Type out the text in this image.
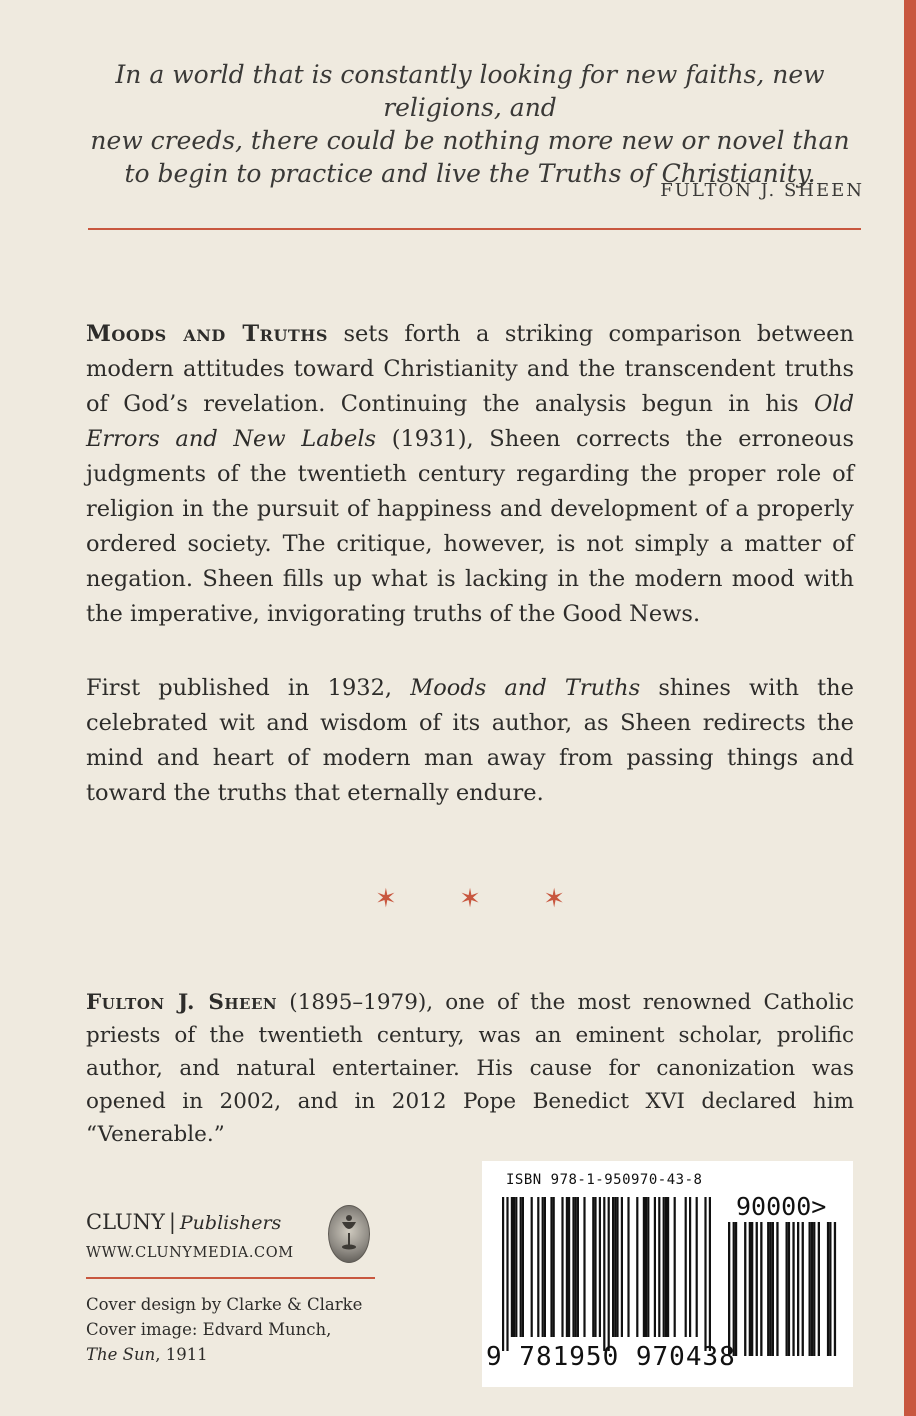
In a world that is constantly looking for new faiths, new religions, and
new creeds, there could be nothing more new or novel than
to begin to practice and live the Truths of Christianity.
FULTON J. SHEEN
Moods and Truths sets forth a striking comparison between modern attitudes toward Christianity and the transcendent truths of God’s revelation. Continuing the analysis begun in his Old Errors and New Labels (1931), Sheen corrects the erroneous judgments of the twentieth century regarding the proper role of religion in the pursuit of happiness and development of a properly ordered society. The critique, however, is not simply a matter of negation. Sheen fills up what is lacking in the modern mood with the imperative, invigorating truths of the Good News.
First published in 1932, Moods and Truths shines with the celebrated wit and wisdom of its author, as Sheen redirects the mind and heart of modern man away from passing things and toward the truths that eternally endure.
✶ ✶ ✶
Fulton J. Sheen (1895–1979), one of the most renowned Catholic priests of the twentieth century, was an eminent scholar, prolific author, and natural entertainer. His cause for canonization was opened in 2002, and in 2012 Pope Benedict XVI declared him “Venerable.”
CLUNY | Publishers
WWW.CLUNYMEDIA.COM
Cover design by Clarke & Clarke
Cover image: Edvard Munch,
The Sun, 1911
ISBN 978-1-950970-43-8
90000>
9 781950 970438
